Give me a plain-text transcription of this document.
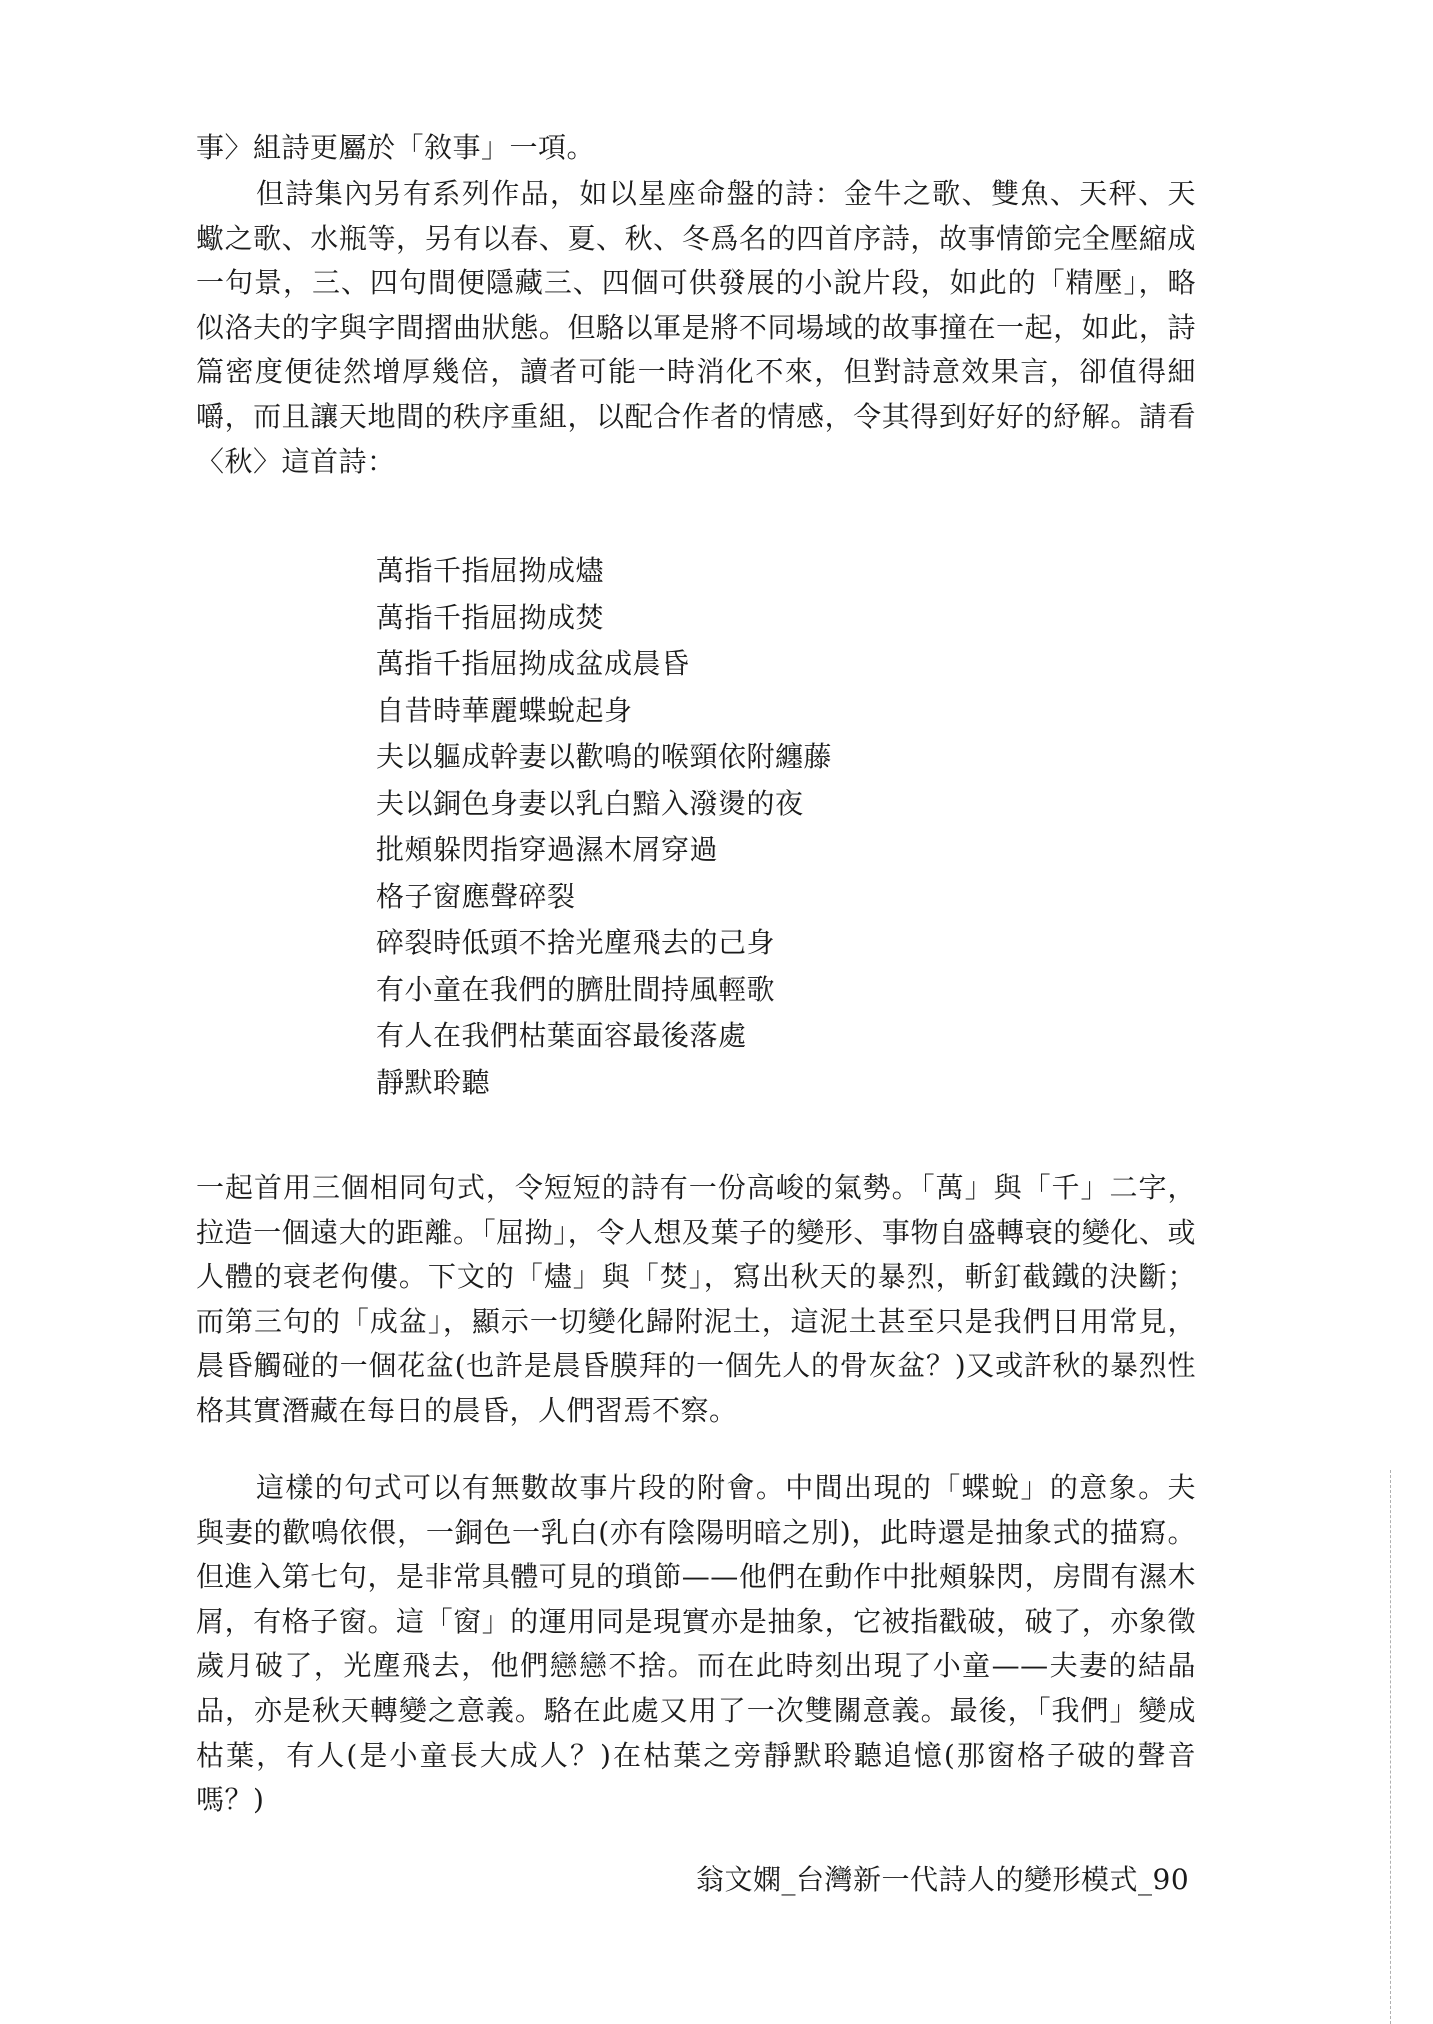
事〉組詩更屬於「敘事」一項。

但詩集內另有系列作品，如以星座命盤的詩：金牛之歌、雙魚、天秤、天蠍之歌、水瓶等，另有以春、夏、秋、冬爲名的四首序詩，故事情節完全壓縮成一句景，三、四句間便隱藏三、四個可供發展的小說片段，如此的「精壓」，略似洛夫的字與字間摺曲狀態。但駱以軍是將不同場域的故事撞在一起，如此，詩篇密度便徒然增厚幾倍，讀者可能一時消化不來，但對詩意效果言，卻值得細嚼，而且讓天地間的秩序重組，以配合作者的情感，令其得到好好的紓解。請看〈秋〉這首詩：

萬指千指屈拗成燼
萬指千指屈拗成焚
萬指千指屈拗成盆成晨昏
自昔時華麗蝶蛻起身
夫以軀成幹妻以歡鳴的喉頸依附纏藤
夫以銅色身妻以乳白黯入潑燙的夜
批頰躲閃指穿過濕木屑穿過
格子窗應聲碎裂
碎裂時低頭不捨光塵飛去的己身
有小童在我們的臍肚間持風輕歌
有人在我們枯葉面容最後落處
靜默聆聽

一起首用三個相同句式，令短短的詩有一份高峻的氣勢。「萬」與「千」二字，拉造一個遠大的距離。「屈拗」，令人想及葉子的變形、事物自盛轉衰的變化、或人體的衰老佝僂。下文的「燼」與「焚」，寫出秋天的暴烈，斬釘截鐵的決斷；而第三句的「成盆」，顯示一切變化歸附泥土，這泥土甚至只是我們日用常見，晨昏觸碰的一個花盆(也許是晨昏膜拜的一個先人的骨灰盆？)又或許秋的暴烈性格其實潛藏在每日的晨昏，人們習焉不察。

這樣的句式可以有無數故事片段的附會。中間出現的「蝶蛻」的意象。夫與妻的歡鳴依偎，一銅色一乳白(亦有陰陽明暗之別)，此時還是抽象式的描寫。但進入第七句，是非常具體可見的瑣節——他們在動作中批頰躲閃，房間有濕木屑，有格子窗。這「窗」的運用同是現實亦是抽象，它被指戳破，破了，亦象徵歲月破了，光塵飛去，他們戀戀不捨。而在此時刻出現了小童——夫妻的結晶品，亦是秋天轉變之意義。駱在此處又用了一次雙關意義。最後，「我們」變成枯葉，有人(是小童長大成人？)在枯葉之旁靜默聆聽追憶(那窗格子破的聲音嗎？)

翁文嫻_台灣新一代詩人的變形模式_90
